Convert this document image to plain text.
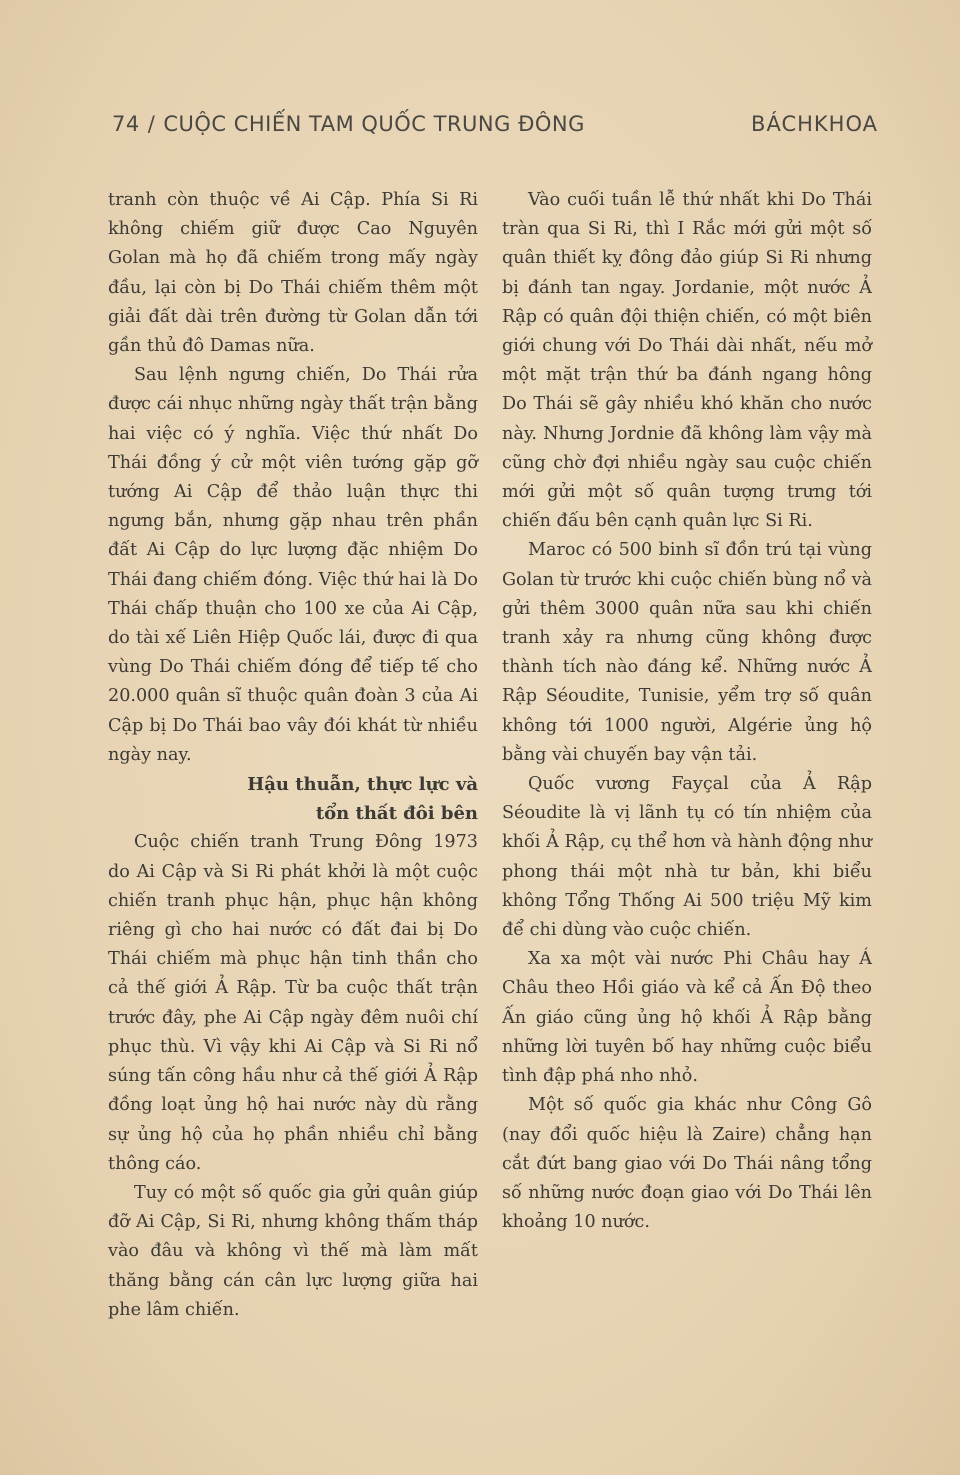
74 / CUỘC CHIẾN TAM QUỐC TRUNG ĐÔNG	BÁCHKHOA

tranh còn thuộc về Ai Cập. Phía Si Ri không chiếm giữ được Cao Nguyên Golan mà họ đã chiếm trong mấy ngày đầu, lại còn bị Do Thái chiếm thêm một giải đất dài trên đường từ Golan dẫn tới gần thủ đô Damas nữa.

Sau lệnh ngưng chiến, Do Thái rửa được cái nhục những ngày thất trận bằng hai việc có ý nghĩa. Việc thứ nhất Do Thái đồng ý cử một viên tướng gặp gỡ tướng Ai Cập để thảo luận thực thi ngưng bắn, nhưng gặp nhau trên phần đất Ai Cập do lực lượng đặc nhiệm Do Thái đang chiếm đóng. Việc thứ hai là Do Thái chấp thuận cho 100 xe của Ai Cập, do tài xế Liên Hiệp Quốc lái, được đi qua vùng Do Thái chiếm đóng để tiếp tế cho 20.000 quân sĩ thuộc quân đoàn 3 của Ai Cập bị Do Thái bao vây đói khát từ nhiều ngày nay.

Hậu thuẫn, thực lực và
tổn thất đôi bên

Cuộc chiến tranh Trung Đông 1973 do Ai Cập và Si Ri phát khởi là một cuộc chiến tranh phục hận, phục hận không riêng gì cho hai nước có đất đai bị Do Thái chiếm mà phục hận tinh thần cho cả thế giới Ả Rập. Từ ba cuộc thất trận trước đây, phe Ai Cập ngày đêm nuôi chí phục thù. Vì vậy khi Ai Cập và Si Ri nổ súng tấn công hầu như cả thế giới Ả Rập đồng loạt ủng hộ hai nước này dù rằng sự ủng hộ của họ phần nhiều chỉ bằng thông cáo.

Tuy có một số quốc gia gửi quân giúp đỡ Ai Cập, Si Ri, nhưng không thấm tháp vào đâu và không vì thế mà làm mất thăng bằng cán cân lực lượng giữa hai phe lâm chiến.

Vào cuối tuần lễ thứ nhất khi Do Thái tràn qua Si Ri, thì I Rắc mới gửi một số quân thiết kỵ đông đảo giúp Si Ri nhưng bị đánh tan ngay. Jordanie, một nước Ả Rập có quân đội thiện chiến, có một biên giới chung với Do Thái dài nhất, nếu mở một mặt trận thứ ba đánh ngang hông Do Thái sẽ gây nhiều khó khăn cho nước này. Nhưng Jordnie đã không làm vậy mà cũng chờ đợi nhiều ngày sau cuộc chiến mới gửi một số quân tượng trưng tới chiến đấu bên cạnh quân lực Si Ri.

Maroc có 500 binh sĩ đồn trú tại vùng Golan từ trước khi cuộc chiến bùng nổ và gửi thêm 3000 quân nữa sau khi chiến tranh xảy ra nhưng cũng không được thành tích nào đáng kể. Những nước Ả Rập Séoudite, Tunisie, yểm trợ số quân không tới 1000 người, Algérie ủng hộ bằng vài chuyến bay vận tải.

Quốc vương Fayçal của Ả Rập Séoudite là vị lãnh tụ có tín nhiệm của khối Ả Rập, cụ thể hơn và hành động như phong thái một nhà tư bản, khi biểu không Tổng Thống Ai 500 triệu Mỹ kim để chi dùng vào cuộc chiến.

Xa xa một vài nước Phi Châu hay Á Châu theo Hồi giáo và kể cả Ấn Độ theo Ấn giáo cũng ủng hộ khối Ả Rập bằng những lời tuyên bố hay những cuộc biểu tình đập phá nho nhỏ.

Một số quốc gia khác như Công Gô (nay đổi quốc hiệu là Zaire) chẳng hạn cắt đứt bang giao với Do Thái nâng tổng số những nước đoạn giao với Do Thái lên khoảng 10 nước.
